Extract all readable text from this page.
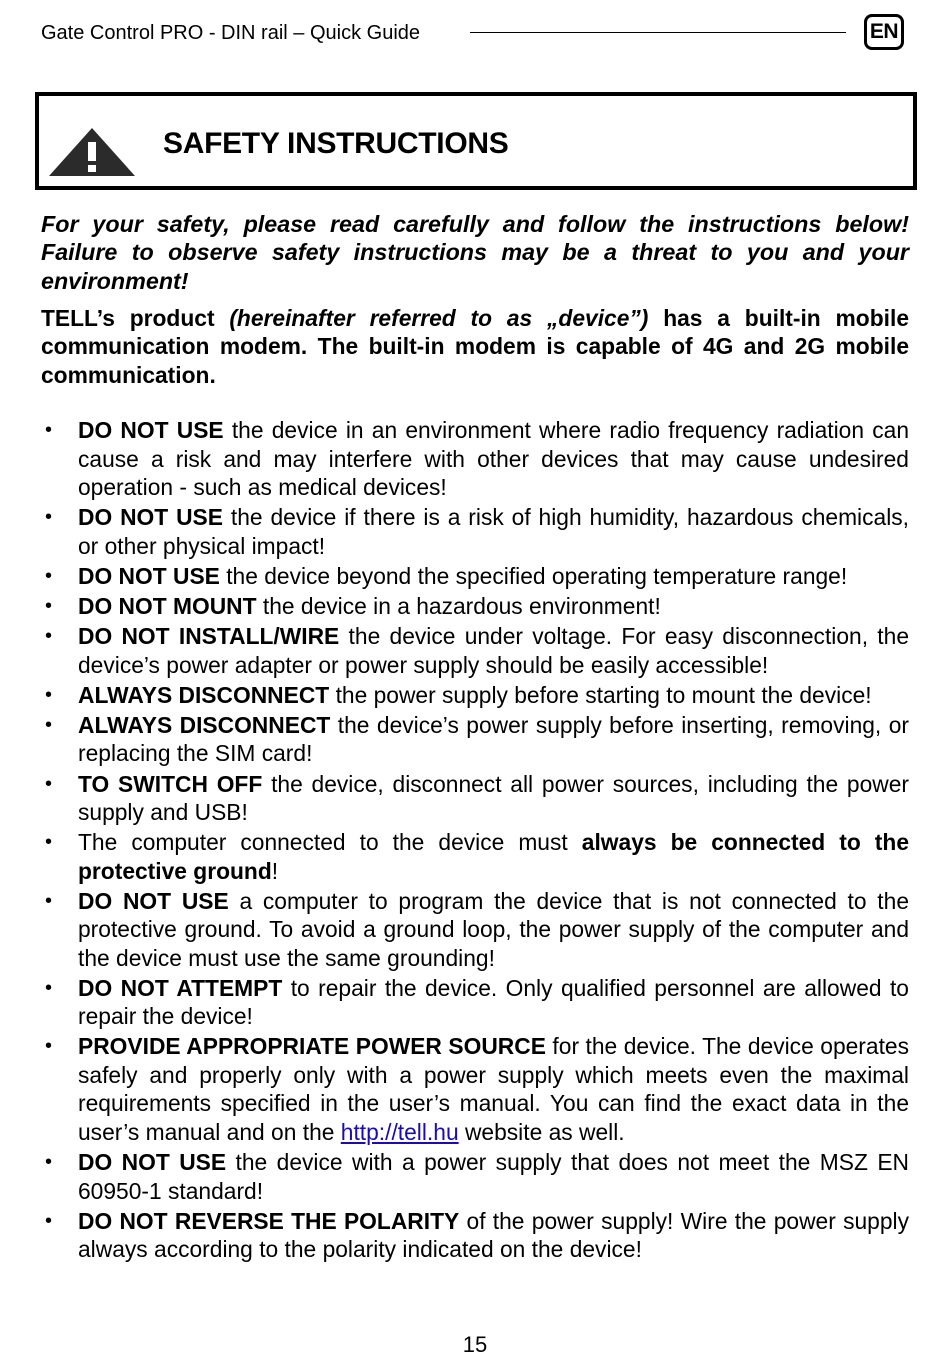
Gate Control PRO - DIN rail – Quick Guide	EN
SAFETY INSTRUCTIONS

For your safety, please read carefully and follow the instructions below! Failure to observe safety instructions may be a threat to you and your environment!

TELL’s product (hereinafter referred to as „device”) has a built-in mobile communication modem. The built-in modem is capable of 4G and 2G mobile communication.

• DO NOT USE the device in an environment where radio frequency radiation can cause a risk and may interfere with other devices that may cause undesired operation - such as medical devices!
• DO NOT USE the device if there is a risk of high humidity, hazardous chemicals, or other physical impact!
• DO NOT USE the device beyond the specified operating temperature range!
• DO NOT MOUNT the device in a hazardous environment!
• DO NOT INSTALL/WIRE the device under voltage. For easy disconnection, the device’s power adapter or power supply should be easily accessible!
• ALWAYS DISCONNECT the power supply before starting to mount the device!
• ALWAYS DISCONNECT the device’s power supply before inserting, removing, or replacing the SIM card!
• TO SWITCH OFF the device, disconnect all power sources, including the power supply and USB!
• The computer connected to the device must always be connected to the protective ground!
• DO NOT USE a computer to program the device that is not connected to the protective ground. To avoid a ground loop, the power supply of the computer and the device must use the same grounding!
• DO NOT ATTEMPT to repair the device. Only qualified personnel are allowed to repair the device!
• PROVIDE APPROPRIATE POWER SOURCE for the device. The device operates safely and properly only with a power supply which meets even the maximal requirements specified in the user’s manual. You can find the exact data in the user’s manual and on the http://tell.hu website as well.
• DO NOT USE the device with a power supply that does not meet the MSZ EN 60950-1 standard!
• DO NOT REVERSE THE POLARITY of the power supply! Wire the power supply always according to the polarity indicated on the device!
15
